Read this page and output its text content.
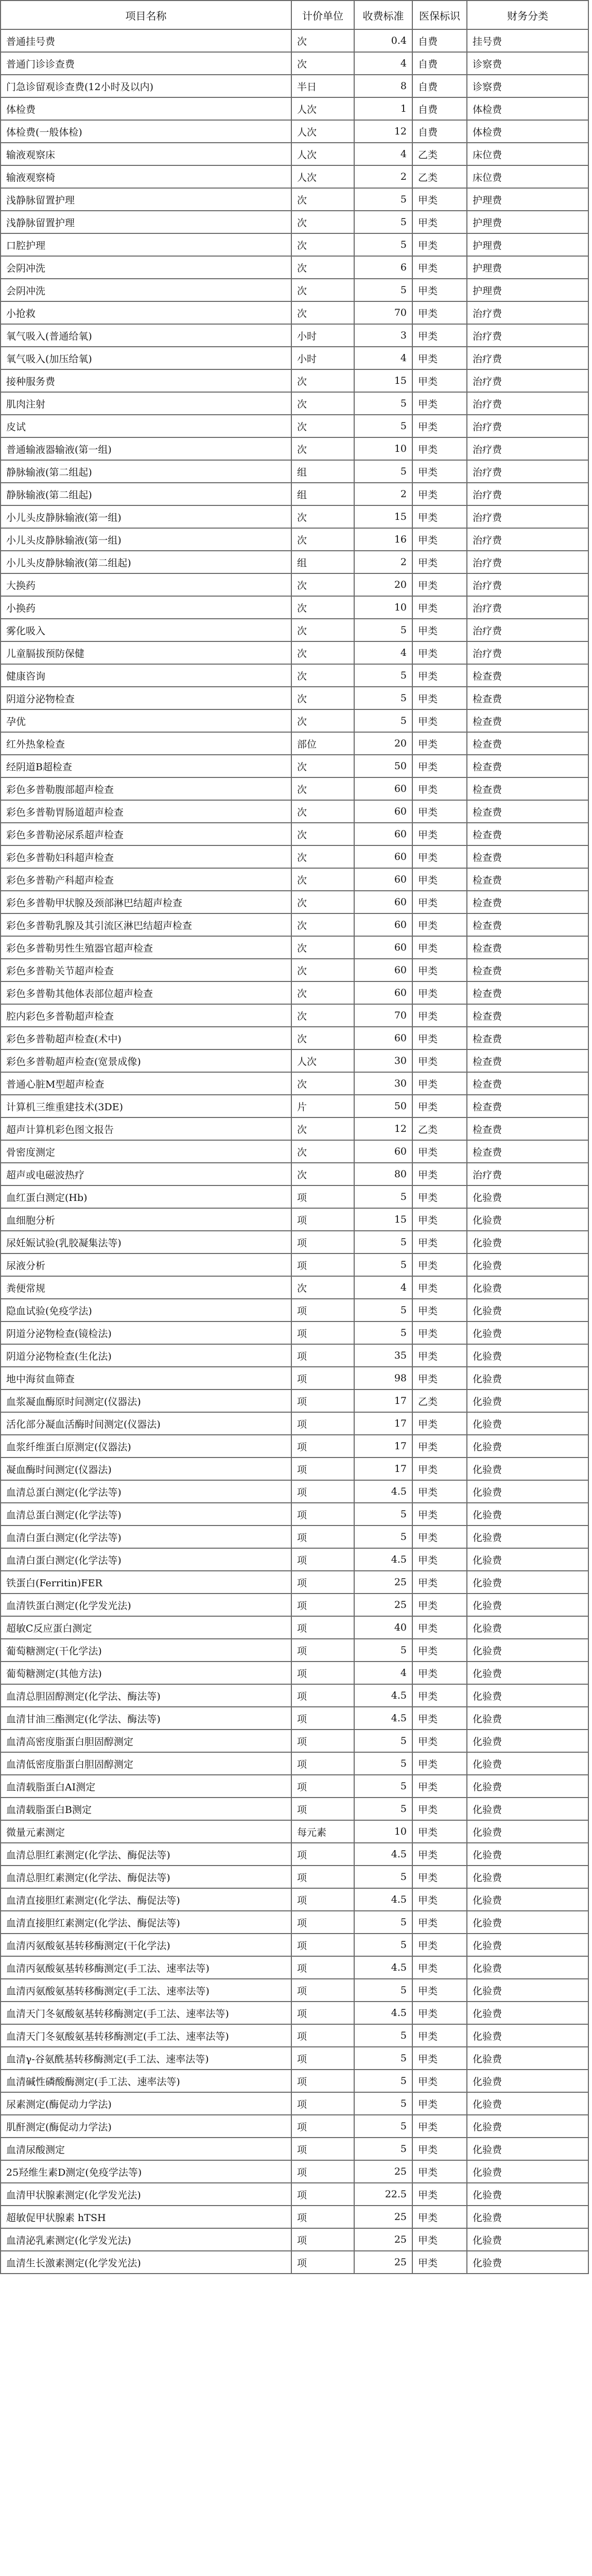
项目名称	计价单位	收费标准	医保标识	财务分类
普通挂号费	次	0.4	自费	挂号费
普通门诊诊查费	次	4	自费	诊察费
门急诊留观诊查费(12小时及以内)	半日	8	自费	诊察费
体检费	人次	1	自费	体检费
体检费(一般体检)	人次	12	自费	体检费
输液观察床	人次	4	乙类	床位费
输液观察椅	人次	2	乙类	床位费
浅静脉留置护理	次	5	甲类	护理费
浅静脉留置护理	次	5	甲类	护理费
口腔护理	次	5	甲类	护理费
会阴冲洗	次	6	甲类	护理费
会阴冲洗	次	5	甲类	护理费
小抢救	次	70	甲类	治疗费
氧气吸入(普通给氧)	小时	3	甲类	治疗费
氧气吸入(加压给氧)	小时	4	甲类	治疗费
接种服务费	次	15	甲类	治疗费
肌肉注射	次	5	甲类	治疗费
皮试	次	5	甲类	治疗费
普通输液器输液(第一组)	次	10	甲类	治疗费
静脉输液(第二组起)	组	5	甲类	治疗费
静脉输液(第二组起)	组	2	甲类	治疗费
小儿头皮静脉输液(第一组)	次	15	甲类	治疗费
小儿头皮静脉输液(第一组)	次	16	甲类	治疗费
小儿头皮静脉输液(第二组起)	组	2	甲类	治疗费
大换药	次	20	甲类	治疗费
小换药	次	10	甲类	治疗费
雾化吸入	次	5	甲类	治疗费
儿童膈拔预防保健	次	4	甲类	治疗费
健康咨询	次	5	甲类	检查费
阴道分泌物检查	次	5	甲类	检查费
孕优	次	5	甲类	检查费
红外热象检查	部位	20	甲类	检查费
经阴道B超检查	次	50	甲类	检查费
彩色多普勒腹部超声检查	次	60	甲类	检查费
彩色多普勒胃肠道超声检查	次	60	甲类	检查费
彩色多普勒泌尿系超声检查	次	60	甲类	检查费
彩色多普勒妇科超声检查	次	60	甲类	检查费
彩色多普勒产科超声检查	次	60	甲类	检查费
彩色多普勒甲状腺及颈部淋巴结超声检查	次	60	甲类	检查费
彩色多普勒乳腺及其引流区淋巴结超声检查	次	60	甲类	检查费
彩色多普勒男性生殖器官超声检查	次	60	甲类	检查费
彩色多普勒关节超声检查	次	60	甲类	检查费
彩色多普勒其他体表部位超声检查	次	60	甲类	检查费
腔内彩色多普勒超声检查	次	70	甲类	检查费
彩色多普勒超声检查(术中)	次	60	甲类	检查费
彩色多普勒超声检查(宽景成像)	人次	30	甲类	检查费
普通心脏M型超声检查	次	30	甲类	检查费
计算机三维重建技术(3DE)	片	50	甲类	检查费
超声计算机彩色图文报告	次	12	乙类	检查费
骨密度测定	次	60	甲类	检查费
超声或电磁波热疗	次	80	甲类	治疗费
血红蛋白测定(Hb)	项	5	甲类	化验费
血细胞分析	项	15	甲类	化验费
尿妊娠试验(乳胶凝集法等)	项	5	甲类	化验费
尿液分析	项	5	甲类	化验费
粪便常规	次	4	甲类	化验费
隐血试验(免疫学法)	项	5	甲类	化验费
阴道分泌物检查(镜检法)	项	5	甲类	化验费
阴道分泌物检查(生化法)	项	35	甲类	化验费
地中海贫血筛查	项	98	甲类	化验费
血浆凝血酶原时间测定(仪器法)	项	17	乙类	化验费
活化部分凝血活酶时间测定(仪器法)	项	17	甲类	化验费
血浆纤维蛋白原测定(仪器法)	项	17	甲类	化验费
凝血酶时间测定(仪器法)	项	17	甲类	化验费
血清总蛋白测定(化学法等)	项	4.5	甲类	化验费
血清总蛋白测定(化学法等)	项	5	甲类	化验费
血清白蛋白测定(化学法等)	项	5	甲类	化验费
血清白蛋白测定(化学法等)	项	4.5	甲类	化验费
铁蛋白(Ferritin)FER	项	25	甲类	化验费
血清铁蛋白测定(化学发光法)	项	25	甲类	化验费
超敏C反应蛋白测定	项	40	甲类	化验费
葡萄糖测定(干化学法)	项	5	甲类	化验费
葡萄糖测定(其他方法)	项	4	甲类	化验费
血清总胆固醇测定(化学法、酶法等)	项	4.5	甲类	化验费
血清甘油三酯测定(化学法、酶法等)	项	4.5	甲类	化验费
血清高密度脂蛋白胆固醇测定	项	5	甲类	化验费
血清低密度脂蛋白胆固醇测定	项	5	甲类	化验费
血清载脂蛋白AⅠ测定	项	5	甲类	化验费
血清载脂蛋白B测定	项	5	甲类	化验费
微量元素测定	每元素	10	甲类	化验费
血清总胆红素测定(化学法、酶促法等)	项	4.5	甲类	化验费
血清总胆红素测定(化学法、酶促法等)	项	5	甲类	化验费
血清直接胆红素测定(化学法、酶促法等)	项	4.5	甲类	化验费
血清直接胆红素测定(化学法、酶促法等)	项	5	甲类	化验费
血清丙氨酸氨基转移酶测定(干化学法)	项	5	甲类	化验费
血清丙氨酸氨基转移酶测定(手工法、速率法等)	项	4.5	甲类	化验费
血清丙氨酸氨基转移酶测定(手工法、速率法等)	项	5	甲类	化验费
血清天门冬氨酸氨基转移酶测定(手工法、速率法等)	项	4.5	甲类	化验费
血清天门冬氨酸氨基转移酶测定(手工法、速率法等)	项	5	甲类	化验费
血清γ-谷氨酰基转移酶测定(手工法、速率法等)	项	5	甲类	化验费
血清碱性磷酸酶测定(手工法、速率法等)	项	5	甲类	化验费
尿素测定(酶促动力学法)	项	5	甲类	化验费
肌酐测定(酶促动力学法)	项	5	甲类	化验费
血清尿酸测定	项	5	甲类	化验费
25羟维生素D测定(免疫学法等)	项	25	甲类	化验费
血清甲状腺素测定(化学发光法)	项	22.5	甲类	化验费
超敏促甲状腺素 hTSH	项	25	甲类	化验费
血清泌乳素测定(化学发光法)	项	25	甲类	化验费
血清生长激素测定(化学发光法)	项	25	甲类	化验费
